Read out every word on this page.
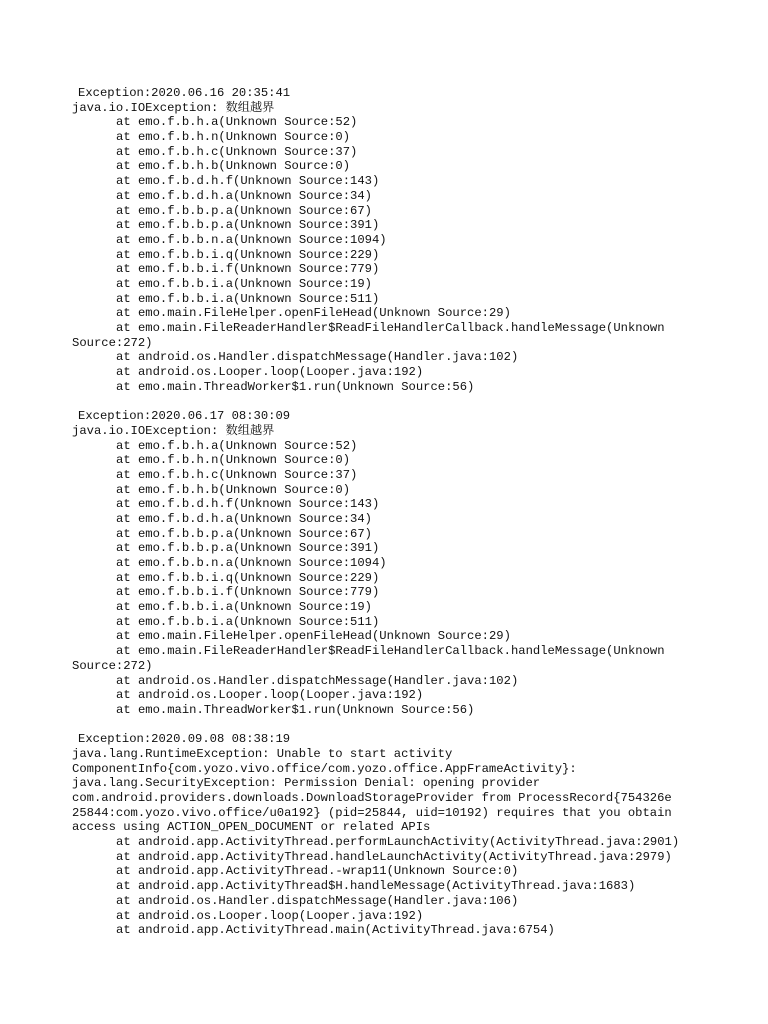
Exception:2020.06.16 20:35:41
java.io.IOException: 数组越界
at emo.f.b.h.a(Unknown Source:52)
at emo.f.b.h.n(Unknown Source:0)
at emo.f.b.h.c(Unknown Source:37)
at emo.f.b.h.b(Unknown Source:0)
at emo.f.b.d.h.f(Unknown Source:143)
at emo.f.b.d.h.a(Unknown Source:34)
at emo.f.b.b.p.a(Unknown Source:67)
at emo.f.b.b.p.a(Unknown Source:391)
at emo.f.b.b.n.a(Unknown Source:1094)
at emo.f.b.b.i.q(Unknown Source:229)
at emo.f.b.b.i.f(Unknown Source:779)
at emo.f.b.b.i.a(Unknown Source:19)
at emo.f.b.b.i.a(Unknown Source:511)
at emo.main.FileHelper.openFileHead(Unknown Source:29)
at emo.main.FileReaderHandler$ReadFileHandlerCallback.handleMessage(Unknown
Source:272)
at android.os.Handler.dispatchMessage(Handler.java:102)
at android.os.Looper.loop(Looper.java:192)
at emo.main.ThreadWorker$1.run(Unknown Source:56)
Exception:2020.06.17 08:30:09
java.io.IOException: 数组越界
at emo.f.b.h.a(Unknown Source:52)
at emo.f.b.h.n(Unknown Source:0)
at emo.f.b.h.c(Unknown Source:37)
at emo.f.b.h.b(Unknown Source:0)
at emo.f.b.d.h.f(Unknown Source:143)
at emo.f.b.d.h.a(Unknown Source:34)
at emo.f.b.b.p.a(Unknown Source:67)
at emo.f.b.b.p.a(Unknown Source:391)
at emo.f.b.b.n.a(Unknown Source:1094)
at emo.f.b.b.i.q(Unknown Source:229)
at emo.f.b.b.i.f(Unknown Source:779)
at emo.f.b.b.i.a(Unknown Source:19)
at emo.f.b.b.i.a(Unknown Source:511)
at emo.main.FileHelper.openFileHead(Unknown Source:29)
at emo.main.FileReaderHandler$ReadFileHandlerCallback.handleMessage(Unknown
Source:272)
at android.os.Handler.dispatchMessage(Handler.java:102)
at android.os.Looper.loop(Looper.java:192)
at emo.main.ThreadWorker$1.run(Unknown Source:56)
Exception:2020.09.08 08:38:19
java.lang.RuntimeException: Unable to start activity
ComponentInfo{com.yozo.vivo.office/com.yozo.office.AppFrameActivity}:
java.lang.SecurityException: Permission Denial: opening provider
com.android.providers.downloads.DownloadStorageProvider from ProcessRecord{754326e
25844:com.yozo.vivo.office/u0a192} (pid=25844, uid=10192) requires that you obtain
access using ACTION_OPEN_DOCUMENT or related APIs
at android.app.ActivityThread.performLaunchActivity(ActivityThread.java:2901)
at android.app.ActivityThread.handleLaunchActivity(ActivityThread.java:2979)
at android.app.ActivityThread.-wrap11(Unknown Source:0)
at android.app.ActivityThread$H.handleMessage(ActivityThread.java:1683)
at android.os.Handler.dispatchMessage(Handler.java:106)
at android.os.Looper.loop(Looper.java:192)
at android.app.ActivityThread.main(ActivityThread.java:6754)
